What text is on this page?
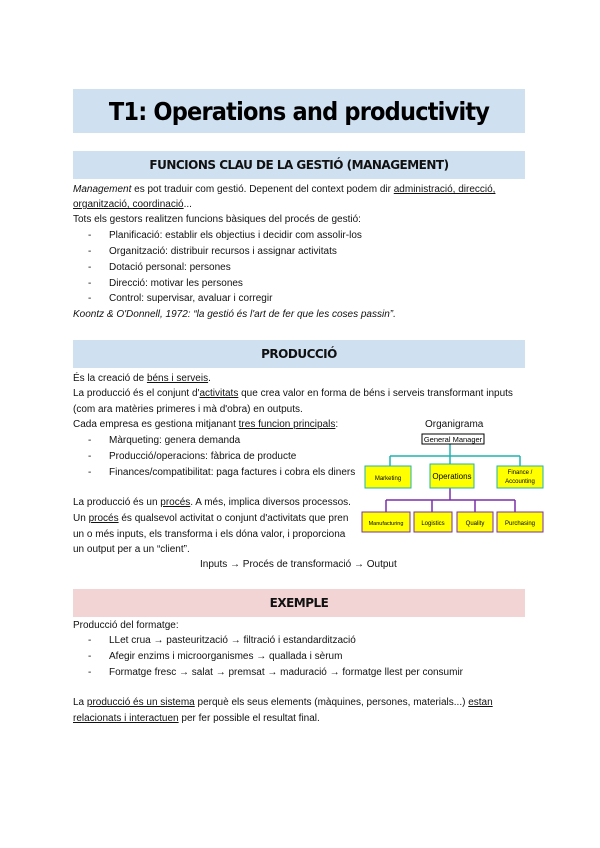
T1: Operations and productivity
FUNCIONS CLAU DE LA GESTIÓ (MANAGEMENT)
Management es pot traduir com gestió. Depenent del context podem dir administració, direcció,
organització, coordinació...
Tots els gestors realitzen funcions bàsiques del procés de gestió:
- Planificació: establir els objectius i decidir com assolir-los
- Organització: distribuir recursos i assignar activitats
- Dotació personal: persones
- Direcció: motivar les persones
- Control: supervisar, avaluar i corregir
Koontz & O'Donnell, 1972: “la gestió és l'art de fer que les coses passin”.
PRODUCCIÓ
És la creació de béns i serveis.
La producció és el conjunt d'activitats que crea valor en forma de béns i serveis transformant inputs
(com ara matèries primeres i mà d'obra) en outputs.
Cada empresa es gestiona mitjanant tres funcion principals:
- Màrqueting: genera demanda
- Producció/operacions: fàbrica de producte
- Finances/compatibilitat: paga factures i cobra els diners
La producció és un procés. A més, implica diversos processos.
Un procés és qualsevol activitat o conjunt d'activitats que pren
un o més inputs, els transforma i els dóna valor, i proporciona
un output per a un “client”.
Inputs → Procés de transformació → Output
Organigrama
General Manager
Marketing	Operations	Finance /
Accounting
Manufacturing	Logistics	Quality	Purchasing
EXEMPLE
Producció del formatge:
- LLet crua → pasteurització → filtració i estandardització
- Afegir enzims i microorganismes → quallada i sèrum
- Formatge fresc → salat → premsat → maduració → formatge llest per consumir
La producció és un sistema perquè els seus elements (màquines, persones, materials...) estan
relacionats i interactuen per fer possible el resultat final.
